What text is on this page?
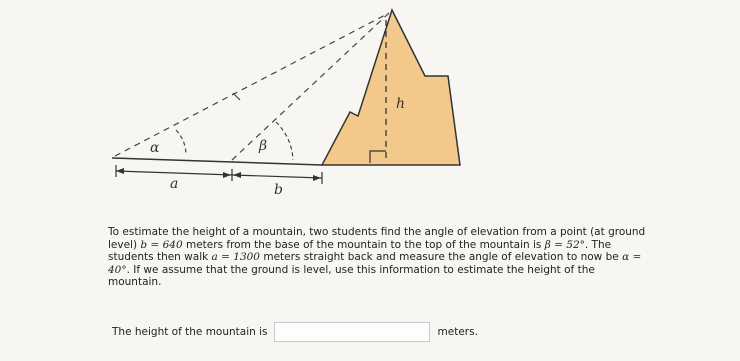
α	β
h
a	b
To estimate the height of a mountain, two students find the angle of elevation from a point (at ground level) b = 640 meters from the base of the mountain to the top of the mountain is β = 52°. The students then walk a = 1300 meters straight back and measure the angle of elevation to now be α = 40°. If we assume that the ground is level, use this information to estimate the height of the mountain.
The height of the mountain is	meters.
